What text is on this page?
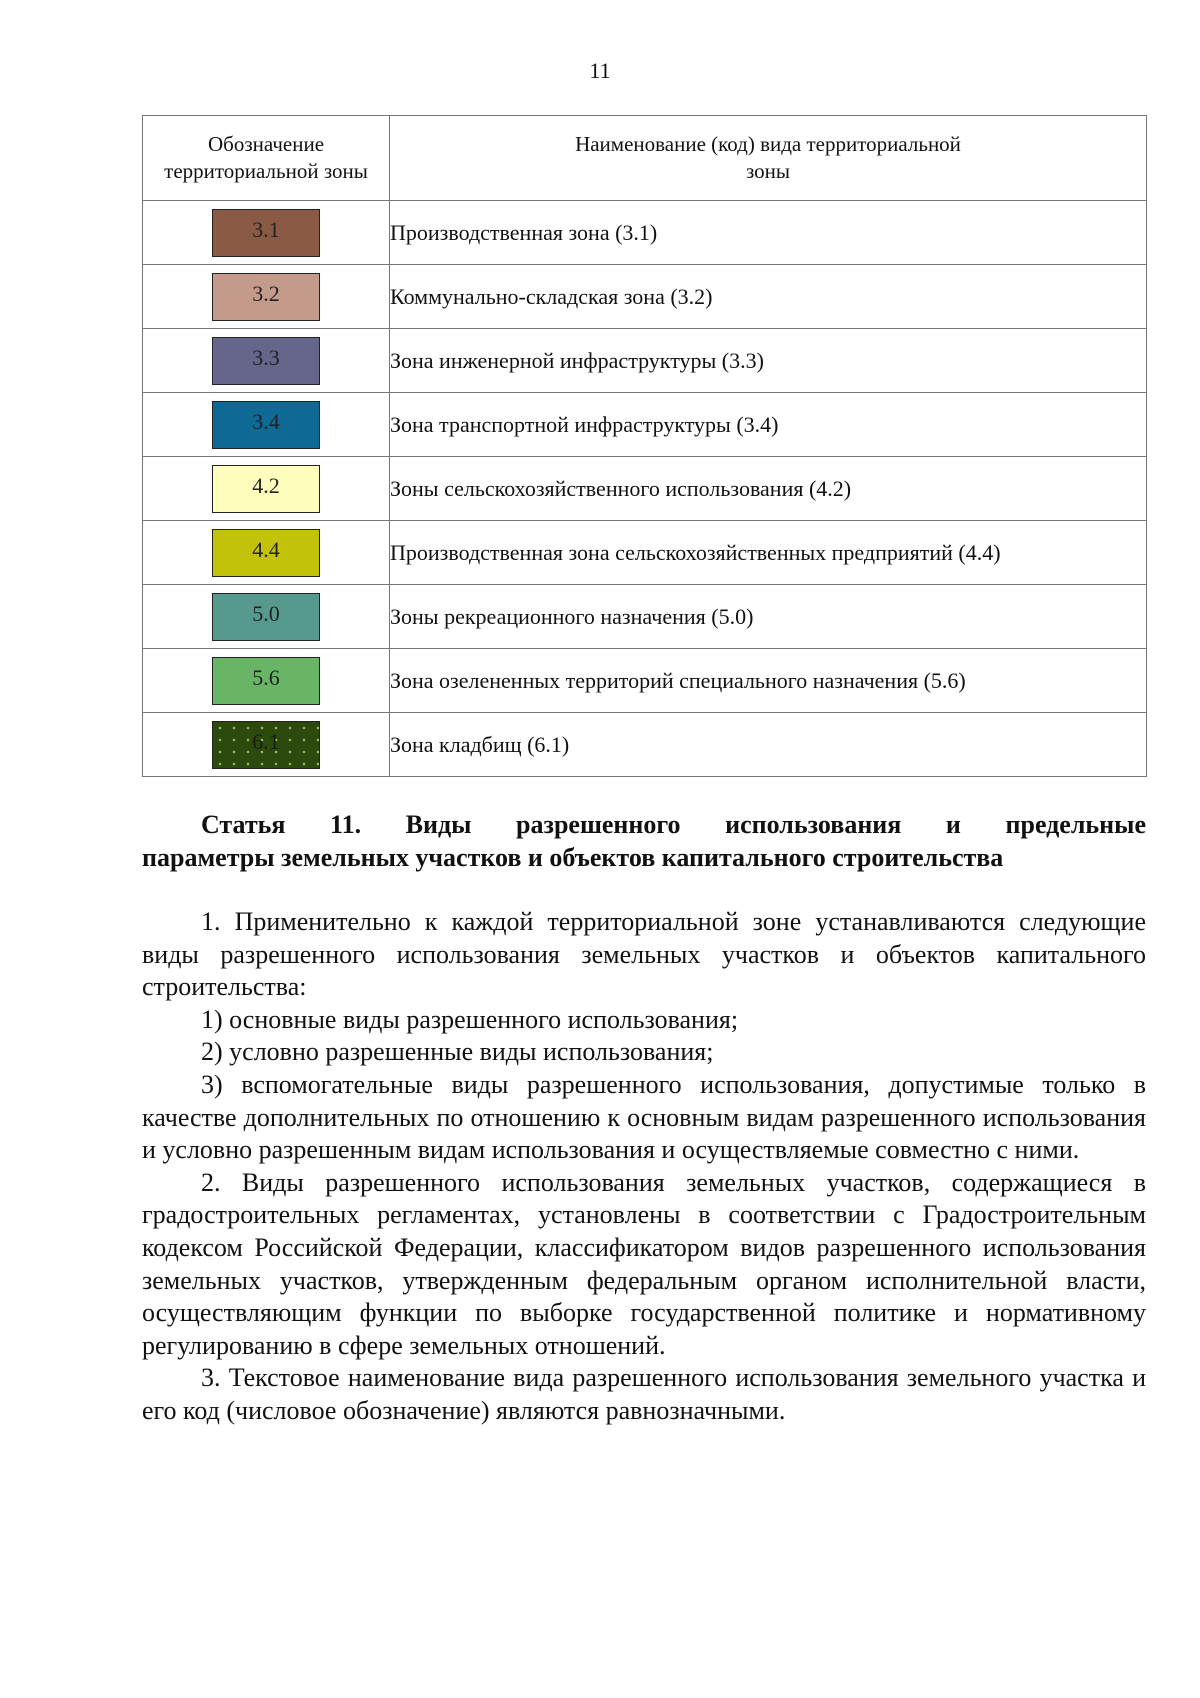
11
Обозначение территориальной зоны	Наименование (код) вида территориальной зоны
3.1	Производственная зона (3.1)
3.2	Коммунально-складская зона (3.2)
3.3	Зона инженерной инфраструктуры (3.3)
3.4	Зона транспортной инфраструктуры (3.4)
4.2	Зоны сельскохозяйственного использования (4.2)
4.4	Производственная зона сельскохозяйственных предприятий (4.4)
5.0	Зоны рекреационного назначения (5.0)
5.6	Зона озелененных территорий специального назначения (5.6)
6.1	Зона кладбищ (6.1)
Статья 11. Виды разрешенного использования и предельные
параметры земельных участков и объектов капитального строительства

1. Применительно к каждой территориальной зоне устанавливаются следующие виды разрешенного использования земельных участков и объектов капитального строительства:

1) основные виды разрешенного использования;

2) условно разрешенные виды использования;

3) вспомогательные виды разрешенного использования, допустимые только в качестве дополнительных по отношению к основным видам разрешенного использования и условно разрешенным видам использования и осуществляемые совместно с ними.

2. Виды разрешенного использования земельных участков, содержащиеся в градостроительных регламентах, установлены в соответствии с Градостроительным кодексом Российской Федерации, классификатором видов разрешенного использования земельных участков, утвержденным федеральным органом исполнительной власти, осуществляющим функции по выборке государственной политике и нормативному регулированию в сфере земельных отношений.

3. Текстовое наименование вида разрешенного использования земельного участка и его код (числовое обозначение) являются равнозначными.
